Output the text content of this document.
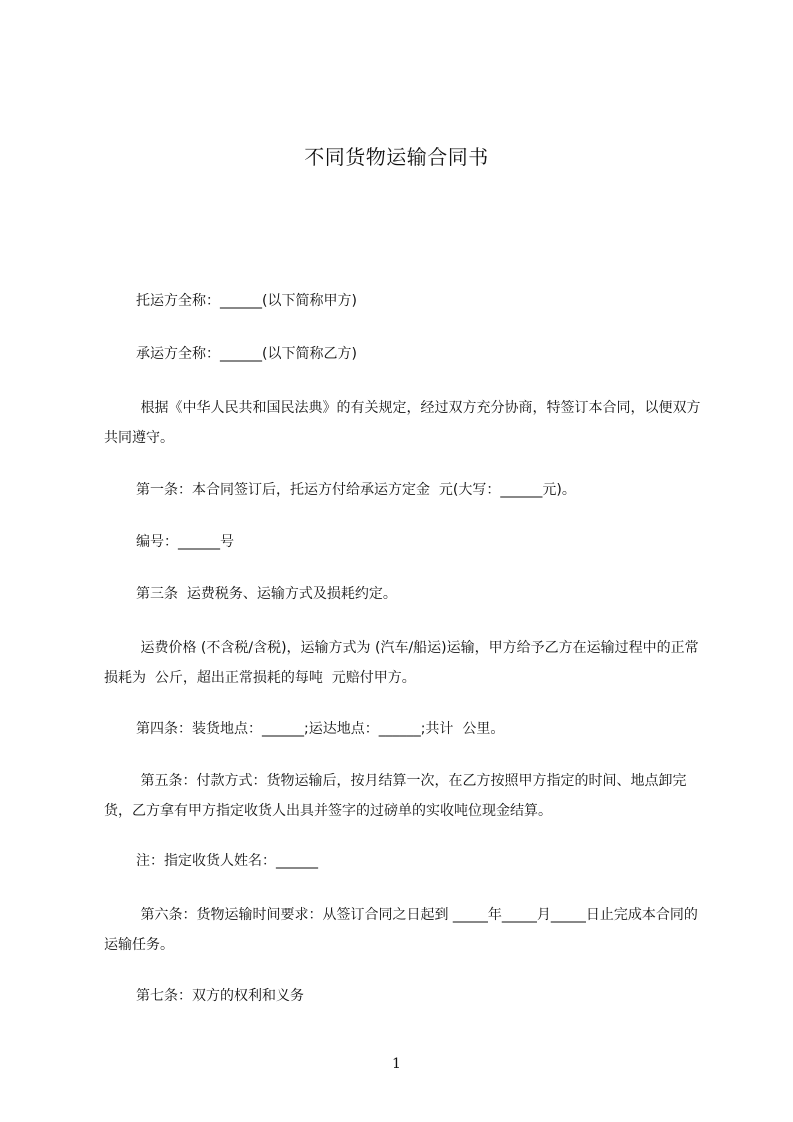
不同货物运输合同书
托运方全称：______(以下简称甲方)
承运方全称：______(以下简称乙方)
根据《中华人民共和国民法典》的有关规定，经过双方充分协商，特签订本合同，以便双方共同遵守。
第一条：本合同签订后，托运方付给承运方定金  元(大写：______元)。
编号：______号
第三条  运费税务、运输方式及损耗约定。
运费价格 (不含税/含税)，运输方式为 (汽车/船运)运输，甲方给予乙方在运输过程中的正常损耗为  公斤，超出正常损耗的每吨  元赔付甲方。
第四条：装货地点：______;运达地点：______;共计  公里。
第五条：付款方式：货物运输后，按月结算一次，在乙方按照甲方指定的时间、地点卸完货，乙方拿有甲方指定收货人出具并签字的过磅单的实收吨位现金结算。
注：指定收货人姓名：______
第六条：货物运输时间要求：从签订合同之日起到 _____年_____月_____日止完成本合同的运输任务。
第七条：双方的权利和义务
1
